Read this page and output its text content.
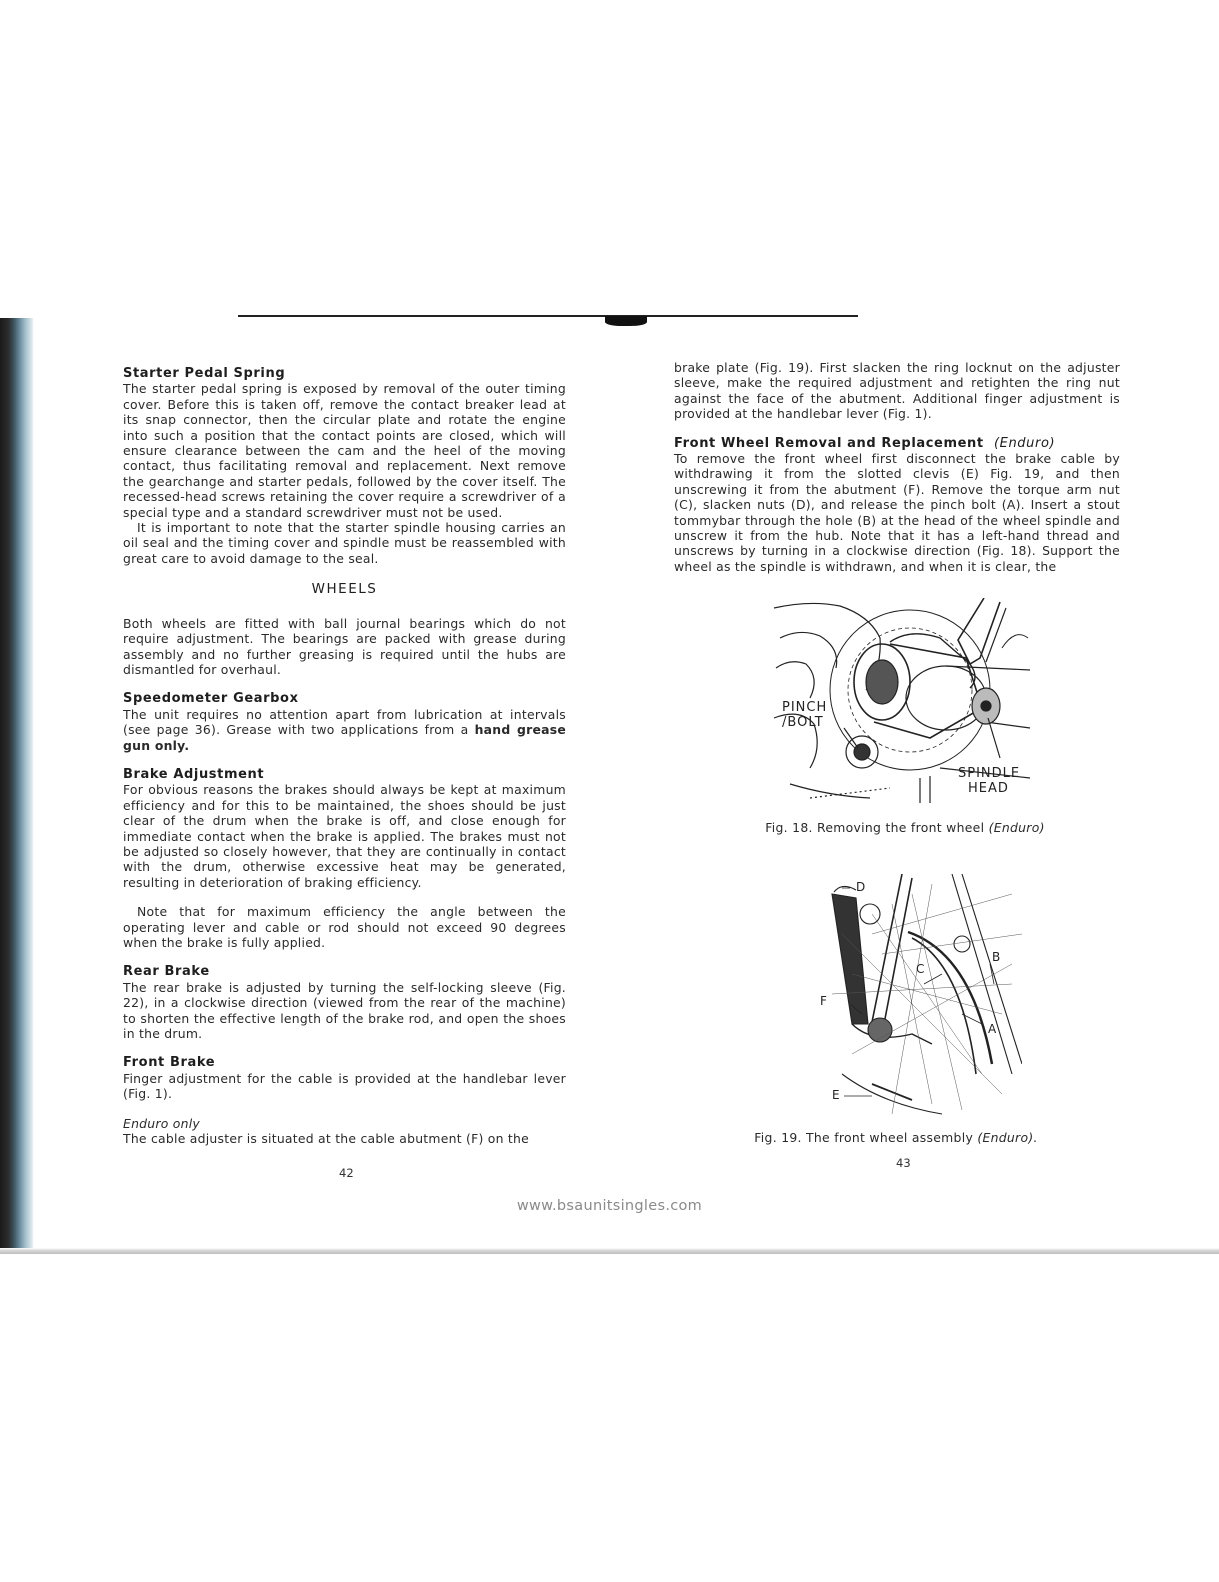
Starter Pedal Spring

The starter pedal spring is exposed by removal of the outer timing cover. Before this is taken off, remove the contact breaker lead at its snap connector, then the circular plate and rotate the engine into such a position that the contact points are closed, which will ensure clearance between the cam and the heel of the moving contact, thus facilitating removal and replacement. Next remove the gearchange and starter pedals, followed by the cover itself. The recessed-head screws retaining the cover require a screwdriver of a special type and a standard screwdriver must not be used.

It is important to note that the starter spindle housing carries an oil seal and the timing cover and spindle must be reassembled with great care to avoid damage to the seal.

WHEELS

Both wheels are fitted with ball journal bearings which do not require adjustment. The bearings are packed with grease during assembly and no further greasing is required until the hubs are dismantled for overhaul.

Speedometer Gearbox

The unit requires no attention apart from lubrication at intervals (see page 36). Grease with two applications from a hand grease gun only.

Brake Adjustment

For obvious reasons the brakes should always be kept at maximum efficiency and for this to be maintained, the shoes should be just clear of the drum when the brake is off, and close enough for immediate contact when the brake is applied. The brakes must not be adjusted so closely however, that they are continually in contact with the drum, otherwise excessive heat may be generated, resulting in deterioration of braking efficiency.

Note that for maximum efficiency the angle between the operating lever and cable or rod should not exceed 90 degrees when the brake is fully applied.

Rear Brake

The rear brake is adjusted by turning the self-locking sleeve (Fig. 22), in a clockwise direction (viewed from the rear of the machine) to shorten the effective length of the brake rod, and open the shoes in the drum.

Front Brake

Finger adjustment for the cable is provided at the handlebar lever (Fig. 1).

Enduro only

The cable adjuster is situated at the cable abutment (F) on the

42

brake plate (Fig. 19). First slacken the ring locknut on the adjuster sleeve, make the required adjustment and retighten the ring nut against the face of the abutment. Additional finger adjustment is provided at the handlebar lever (Fig. 1).

Front Wheel Removal and Replacement (Enduro)

To remove the front wheel first disconnect the brake cable by withdrawing it from the slotted clevis (E) Fig. 19, and then unscrewing it from the abutment (F). Remove the torque arm nut (C), slacken nuts (D), and release the pinch bolt (A). Insert a stout tommybar through the hole (B) at the head of the wheel spindle and unscrew it from the hub. Note that it has a left-hand thread and unscrews by turning in a clockwise direction (Fig. 18). Support the wheel as the spindle is withdrawn, and when it is clear, the

PINCH
/BOLT
SPINDLE
HEAD
Fig. 18. Removing the front wheel (Enduro)
D
B
C
F
A
E
Fig. 19. The front wheel assembly (Enduro).
43
www.bsaunitsingles.com
